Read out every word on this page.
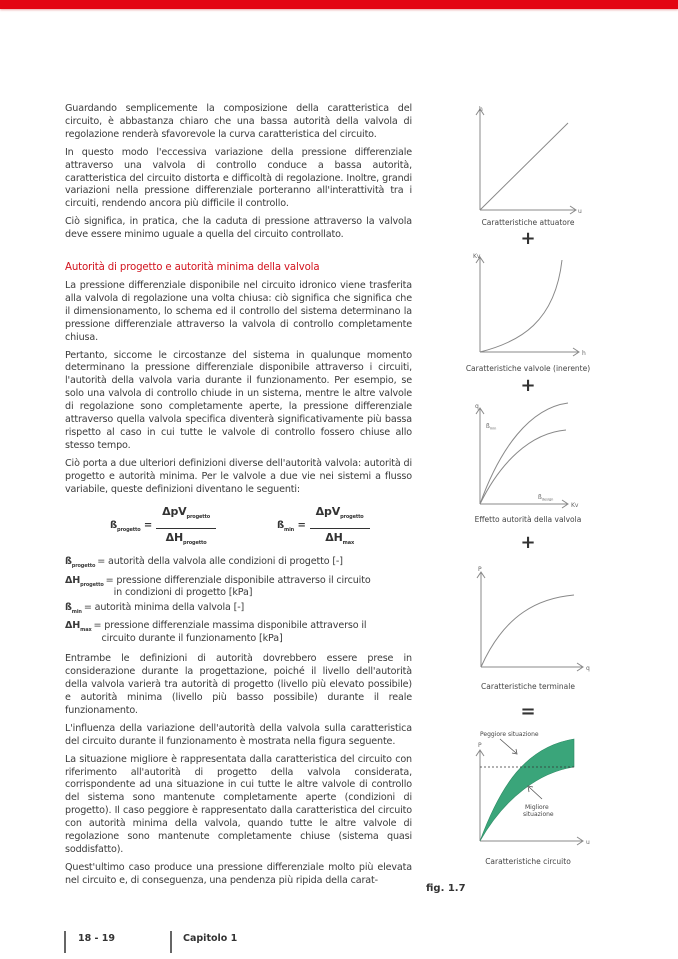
Guardando semplicemente la composizione della caratteristica del circuito, è abbastanza chiaro che una bassa autorità della valvola di regolazione renderà sfavorevole la curva caratteristica del circuito.

In questo modo l'eccessiva variazione della pressione differenziale attraverso una valvola di controllo conduce a bassa autorità, caratteristica del circuito distorta e difficoltà di regolazione. Inoltre, grandi variazioni nella pressione differenziale porteranno all'interattività tra i circuiti, rendendo ancora più difficile il controllo.

Ciò significa, in pratica, che la caduta di pressione attraverso la valvola deve essere minimo uguale a quella del circuito controllato.

Autorità di progetto e autorità minima della valvola

La pressione differenziale disponibile nel circuito idronico viene trasferita alla valvola di regolazione una volta chiusa: ciò significa che significa che il dimensionamento, lo schema ed il controllo del sistema determinano la pressione differenziale attraverso la valvola di controllo completamente chiusa.

Pertanto, siccome le circostanze del sistema in qualunque momento determinano la pressione differenziale disponibile attraverso i circuiti, l'autorità della valvola varia durante il funzionamento. Per esempio, se solo una valvola di controllo chiude in un sistema, mentre le altre valvole di regolazione sono completamente aperte, la pressione differenziale attraverso quella valvola specifica diventerà significativamente più bassa rispetto al caso in cui tutte le valvole di controllo fossero chiuse allo stesso tempo.

Ciò porta a due ulteriori definizioni diverse dell'autorità valvola: autorità di progetto e autorità minima. Per le valvole a due vie nei sistemi a flusso variabile, queste definizioni diventano le seguenti:

$ß_{progetto} = \frac{\Delta pV_{progetto}}{\Delta H_{progetto}}$	$ß_{min} = \frac{\Delta pV_{progetto}}{\Delta H_{max}}$
$ß_{progetto}$ = autorità della valvola alle condizioni di progetto [-]
$\Delta H_{progetto}$ = pressione differenziale disponibile attraverso il circuito
in condizioni di progetto [kPa]
$ß_{min}$ = autorità minima della valvola [-]
$\Delta H_{max}$ = pressione differenziale massima disponibile attraverso il
circuito durante il funzionamento [kPa]

Entrambe le definizioni di autorità dovrebbero essere prese in considerazione durante la progettazione, poiché il livello dell'autorità della valvola varierà tra autorità di progetto (livello più elevato possibile) e autorità minima (livello più basso possibile) durante il reale funzionamento.

L'influenza della variazione dell'autorità della valvola sulla caratteristica del circuito durante il funzionamento è mostrata nella figura seguente.

La situazione migliore è rappresentata dalla caratteristica del circuito con riferimento all'autorità di progetto della valvola considerata, corrispondente ad una situazione in cui tutte le altre valvole di controllo del sistema sono mantenute completamente aperte (condizioni di progetto). Il caso peggiore è rappresentato dalla caratteristica del circuito con autorità minima della valvola, quando tutte le altre valvole di regolazione sono mantenute completamente chiuse (sistema quasi soddisfatto).

Quest'ultimo caso produce una pressione differenziale molto più elevata nel circuito e, di conseguenza, una pendenza più ripida della carat-

h
u
Caratteristiche attuatore
+
Kv
h
Caratteristiche valvole (inerente)
+
q
Kv
$ß_{min}$
$ß_{design}$
Effetto autorità della valvola
+
P
q
Caratteristiche terminale
=
Peggiore situazione
P
u
Migliore
situazione
Caratteristiche circuito
fig. 1.7
18 - 19	Capitolo 1
